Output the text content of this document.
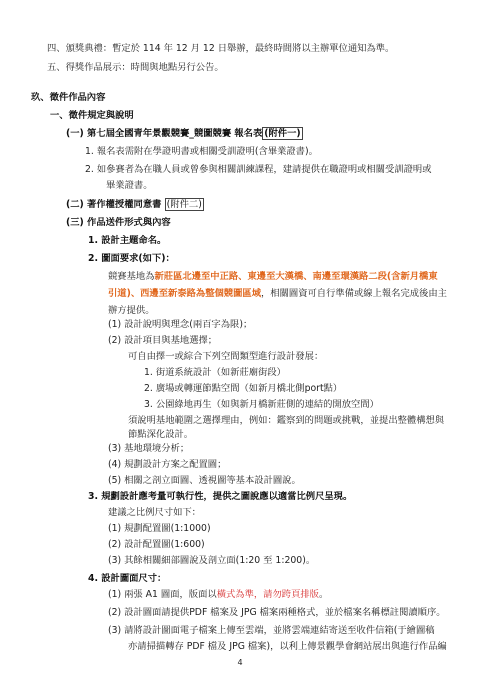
四、頒獎典禮：暫定於 114 年 12 月 12 日舉辦，最終時間將以主辦單位通知為準。
五、得獎作品展示：時間與地點另行公告。
玖、徵件作品內容
一、徵件規定與說明
(一) 第七屆全國青年景觀競賽_競圖競賽 報名表 (附件一)
1. 報名表需附在學證明書或相關受訓證明(含畢業證書)。
2. 如參賽者為在職人員或曾參與相關訓練課程，建請提供在職證明或相關受訓證明或
畢業證書。
(二) 著作權授權同意書 (附件二)
(三) 作品送件形式與內容
1. 設計主題命名。
2. 圖面要求(如下)：
競賽基地為新莊區北邊至中正路、東邊至大漢橋、南邊至環漢路二段(含新月橋東
引道)、西邊至新泰路為整個競圖區域，相關圖資可自行準備或線上報名完成後由主
辦方提供。
(1) 設計說明與理念(兩百字為限)；
(2) 設計項目與基地選擇；
可自由擇一或綜合下列空間類型進行設計發展：
1. 街道系統設計（如新莊廟街段）
2. 廣場或轉運節點空間（如新月橋北側port點）
3. 公園綠地再生（如與新月橋新莊側的連結的開放空間）
須說明基地範圍之選擇理由，例如：鑑察到的問題或挑戰，並提出整體構想與
節點深化設計。
(3) 基地環境分析；
(4) 規劃設計方案之配置圖；
(5) 相關之剖立面圖、透視圖等基本設計圖說。
3. 規劃設計應考量可執行性，提供之圖說應以適當比例尺呈現。
建議之比例尺寸如下：
(1) 規劃配置圖(1:1000)
(2) 設計配置圖(1:600)
(3) 其餘相關細部圖說及剖立面(1:20 至 1:200)。
4
4. 設計圖面尺寸：
(1) 兩張 A1 圖面，版面以橫式為準，請勿跨頁排版。
(2) 設計圖面請提供PDF 檔案及 JPG 檔案兩種格式，並於檔案名稱標註閱讀順序。
(3) 請將設計圖面電子檔案上傳至雲端，並將雲端連結寄送至收件信箱(于繪圖稿
亦請掃描轉存 PDF 檔及 JPG 檔案)，以利上傳景觀學會網站展出與進行作品編
